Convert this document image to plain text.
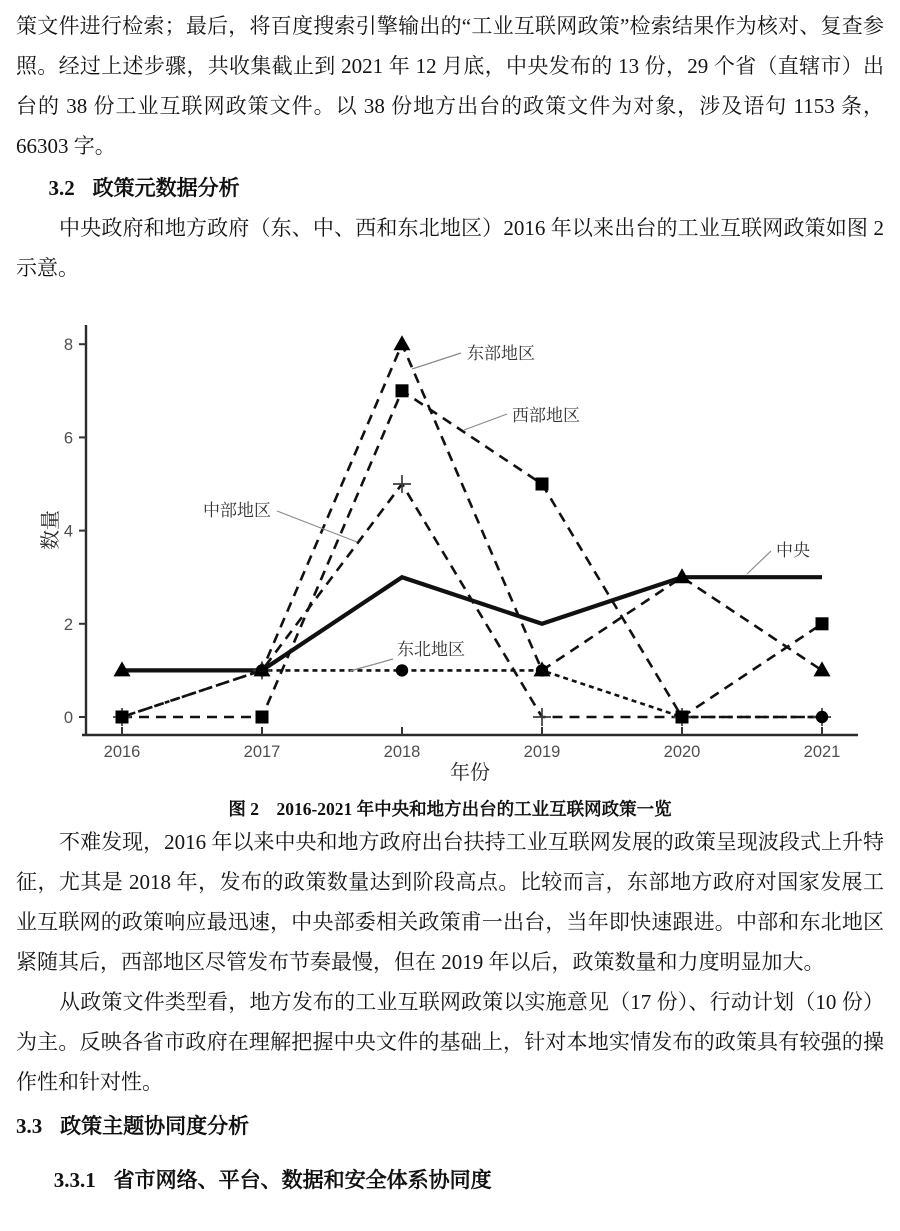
策文件进行检索；最后，将百度搜索引擎输出的“工业互联网政策”检索结果作为核对、复查参照。经过上述步骤，共收集截止到 2021 年 12 月底，中央发布的 13 份，29 个省（直辖市）出台的 38 份工业互联网政策文件。以 38 份地方出台的政策文件为对象，涉及语句 1153 条，66303 字。

3.2 政策元数据分析

中央政府和地方政府（东、中、西和东北地区）2016 年以来出台的工业互联网政策如图 2 示意。

2016	2017	2018	2019	2020	2021
0
2
4
6
8	东部地区
西部地区
中部地区
东北地区
中央
年份
数量
图 2　2016-2021 年中央和地方出台的工业互联网政策一览

不难发现，2016 年以来中央和地方政府出台扶持工业互联网发展的政策呈现波段式上升特征，尤其是 2018 年，发布的政策数量达到阶段高点。比较而言，东部地方政府对国家发展工业互联网的政策响应最迅速，中央部委相关政策甫一出台，当年即快速跟进。中部和东北地区紧随其后，西部地区尽管发布节奏最慢，但在 2019 年以后，政策数量和力度明显加大。

从政策文件类型看，地方发布的工业互联网政策以实施意见（17 份）、行动计划（10 份）为主。反映各省市政府在理解把握中央文件的基础上，针对本地实情发布的政策具有较强的操作性和针对性。

3.3 政策主题协同度分析
3.3.1 省市网络、平台、数据和安全体系协同度
